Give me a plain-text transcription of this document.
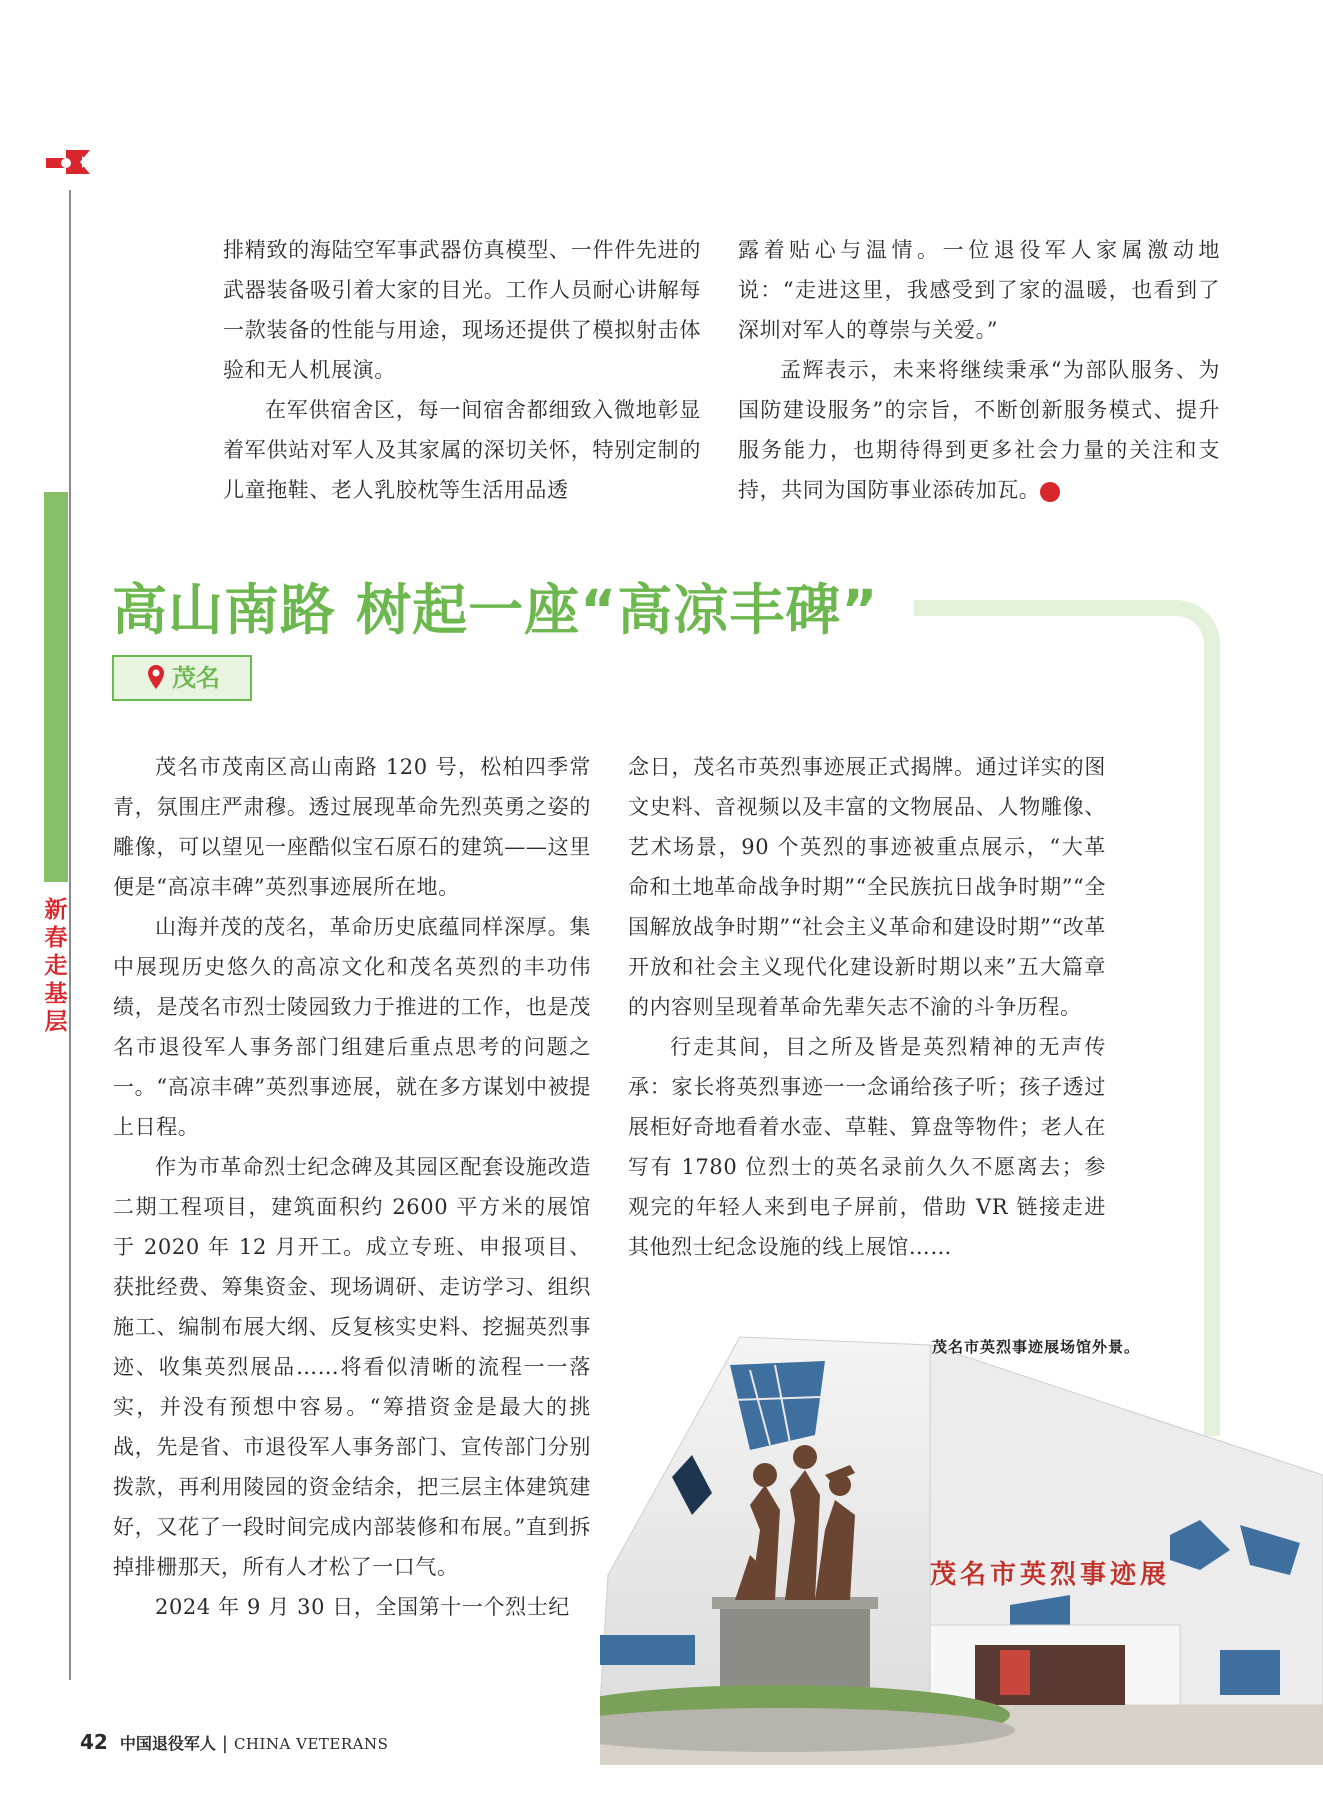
新春走基层

排精致的海陆空军事武器仿真模型、一件件先进的武器装备吸引着大家的目光。工作人员耐心讲解每一款装备的性能与用途，现场还提供了模拟射击体验和无人机展演。

在军供宿舍区，每一间宿舍都细致入微地彰显着军供站对军人及其家属的深切关怀，特别定制的儿童拖鞋、老人乳胶枕等生活用品透

露着贴心与温情。一位退役军人家属激动地说：“走进这里，我感受到了家的温暖，也看到了深圳对军人的尊崇与关爱。”

孟辉表示，未来将继续秉承“为部队服务、为国防建设服务”的宗旨，不断创新服务模式、提升服务能力，也期待得到更多社会力量的关注和支持，共同为国防事业添砖加瓦。	V

高山南路 树起一座“高凉丰碑”
茂名

茂名市茂南区高山南路 120 号，松柏四季常青，氛围庄严肃穆。透过展现革命先烈英勇之姿的雕像，可以望见一座酷似宝石原石的建筑——这里便是“高凉丰碑”英烈事迹展所在地。

山海并茂的茂名，革命历史底蕴同样深厚。集中展现历史悠久的高凉文化和茂名英烈的丰功伟绩，是茂名市烈士陵园致力于推进的工作，也是茂名市退役军人事务部门组建后重点思考的问题之一。“高凉丰碑”英烈事迹展，就在多方谋划中被提上日程。

作为市革命烈士纪念碑及其园区配套设施改造二期工程项目，建筑面积约 2600 平方米的展馆于 2020 年 12 月开工。成立专班、申报项目、获批经费、筹集资金、现场调研、走访学习、组织施工、编制布展大纲、反复核实史料、挖掘英烈事迹、收集英烈展品……将看似清晰的流程一一落实，并没有预想中容易。“筹措资金是最大的挑战，先是省、市退役军人事务部门、宣传部门分别拨款，再利用陵园的资金结余，把三层主体建筑建好，又花了一段时间完成内部装修和布展。”直到拆掉排栅那天，所有人才松了一口气。

2024 年 9 月 30 日，全国第十一个烈士纪

念日，茂名市英烈事迹展正式揭牌。通过详实的图文史料、音视频以及丰富的文物展品、人物雕像、艺术场景，90 个英烈的事迹被重点展示，“大革命和土地革命战争时期”“全民族抗日战争时期”“全国解放战争时期”“社会主义革命和建设时期”“改革开放和社会主义现代化建设新时期以来”五大篇章的内容则呈现着革命先辈矢志不渝的斗争历程。

行走其间，目之所及皆是英烈精神的无声传承：家长将英烈事迹一一念诵给孩子听；孩子透过展柜好奇地看着水壶、草鞋、算盘等物件；老人在写有 1780 位烈士的英名录前久久不愿离去；参观完的年轻人来到电子屏前，借助 VR 链接走进其他烈士纪念设施的线上展馆……

茂名市英烈事迹展
茂名市英烈事迹展场馆外景。
42 中国退役军人 | CHINA VETERANS
